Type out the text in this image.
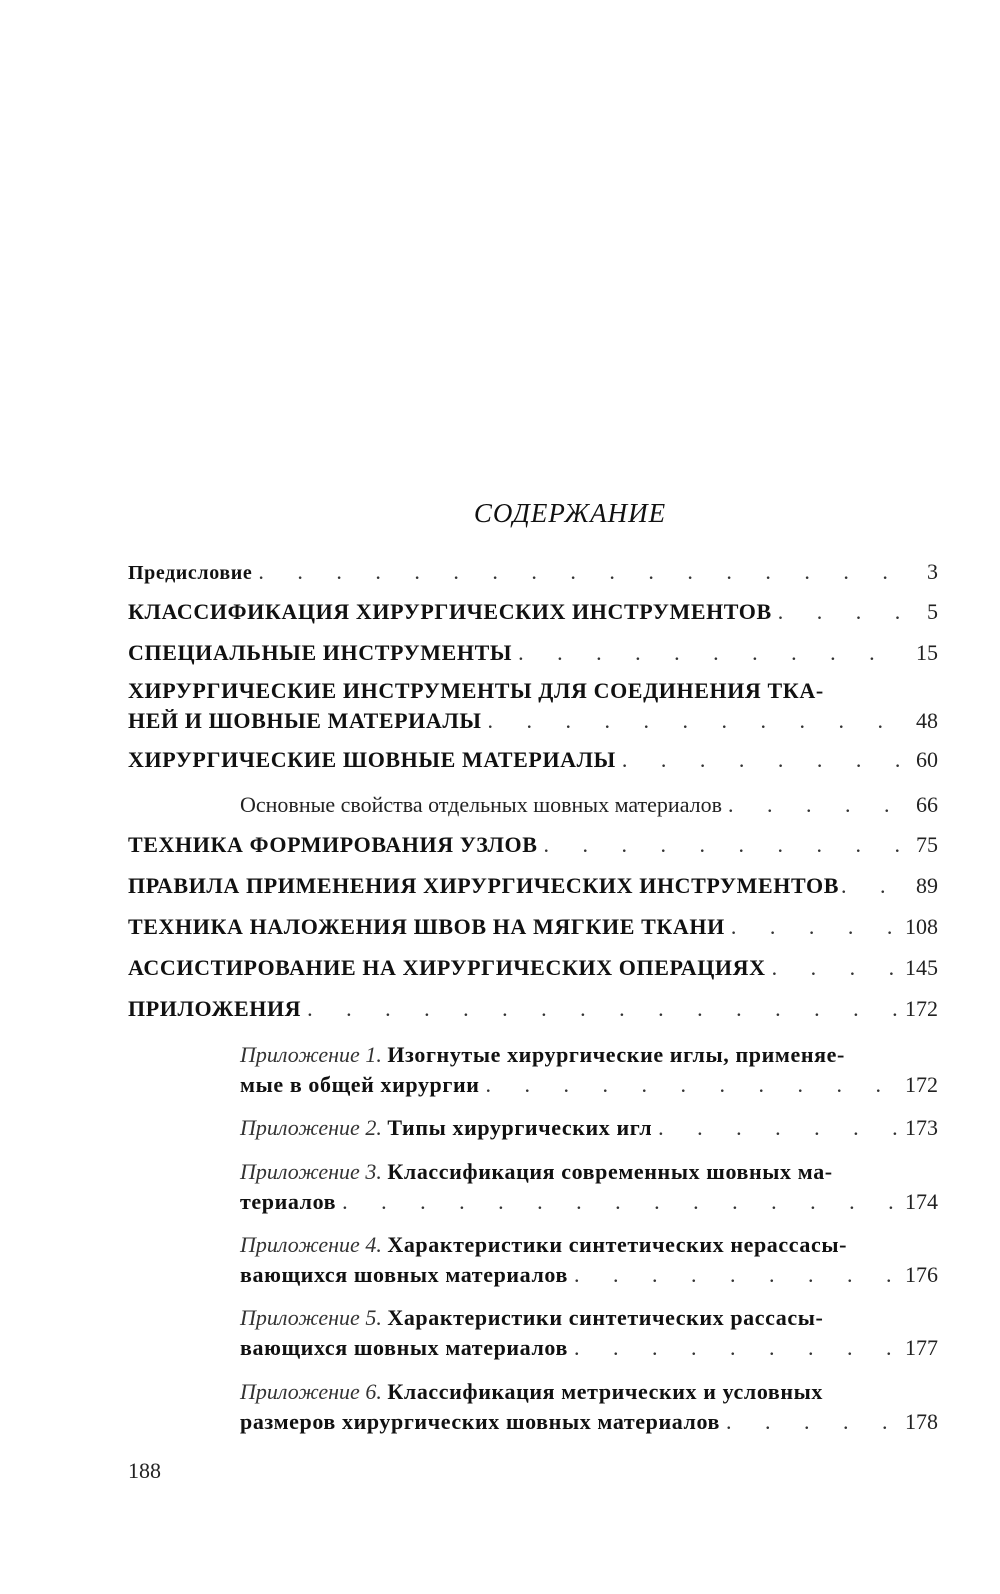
СОДЕРЖАНИЕ
Предисловие . . .	3
КЛАССИФИКАЦИЯ ХИРУРГИЧЕСКИХ ИНСТРУМЕНТОВ . . .	5
СПЕЦИАЛЬНЫЕ ИНСТРУМЕНТЫ . . .	15
ХИРУРГИЧЕСКИЕ ИНСТРУМЕНТЫ ДЛЯ СОЕДИНЕНИЯ ТКА-
НЕЙ И ШОВНЫЕ МАТЕРИАЛЫ . . .	48
ХИРУРГИЧЕСКИЕ ШОВНЫЕ МАТЕРИАЛЫ . . .	60
Основные свойства отдельных шовных материалов . . .	66
ТЕХНИКА ФОРМИРОВАНИЯ УЗЛОВ . . .	75
ПРАВИЛА ПРИМЕНЕНИЯ ХИРУРГИЧЕСКИХ ИНСТРУМЕНТОВ . . .	89
ТЕХНИКА НАЛОЖЕНИЯ ШВОВ НА МЯГКИЕ ТКАНИ . . .	108
АССИСТИРОВАНИЕ НА ХИРУРГИЧЕСКИХ ОПЕРАЦИЯХ . . .	145
ПРИЛОЖЕНИЯ . . .	172
Приложение 1. Изогнутые хирургические иглы, применяе-
мые в общей хирургии . . .	172
Приложение 2.
Типы хирургических игл . . .	173
Приложение 3. Классификация современных шовных ма-
териалов . . .	174
Приложение 4. Характеристики синтетических нерассасы-
вающихся шовных материалов . . .	176
Приложение 5. Характеристики синтетических рассасы-
вающихся шовных материалов . . .	177
Приложение 6. Классификация метрических и условных
размеров хирургических шовных материалов . . .	178
188
